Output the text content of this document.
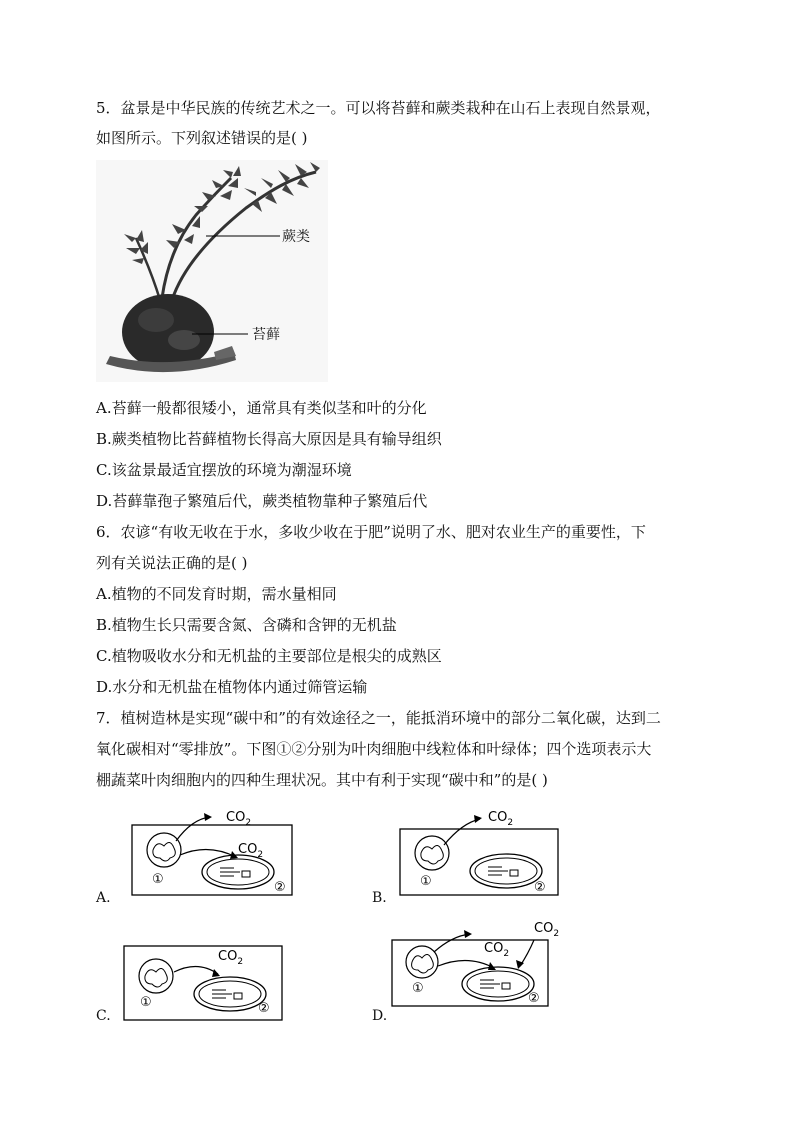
5．盆景是中华民族的传统艺术之一。可以将苔藓和蕨类栽种在山石上表现自然景观，
如图所示。下列叙述错误的是( )
蕨类
苔藓
A.苔藓一般都很矮小，通常具有类似茎和叶的分化
B.蕨类植物比苔藓植物长得高大原因是具有输导组织
C.该盆景最适宜摆放的环境为潮湿环境
D.苔藓靠孢子繁殖后代，蕨类植物靠种子繁殖后代
6．农谚“有收无收在于水，多收少收在于肥”说明了水、肥对农业生产的重要性，下
列有关说法正确的是( )
A.植物的不同发育时期，需水量相同
B.植物生长只需要含氮、含磷和含钾的无机盐
C.植物吸收水分和无机盐的主要部位是根尖的成熟区
D.水分和无机盐在植物体内通过筛管运输
7．植树造林是实现“碳中和”的有效途径之一，能抵消环境中的部分二氧化碳，达到二
氧化碳相对“零排放”。下图①②分别为叶肉细胞中线粒体和叶绿体；四个选项表示大
棚蔬菜叶肉细胞内的四种生理状况。其中有利于实现“碳中和”的是( )
$CO_2$
$CO_2$
①
②
A.
$CO_2$
①	②
B.
$CO_2$
①	②
C.
$CO_2$
$CO_2$
①
②
D.
